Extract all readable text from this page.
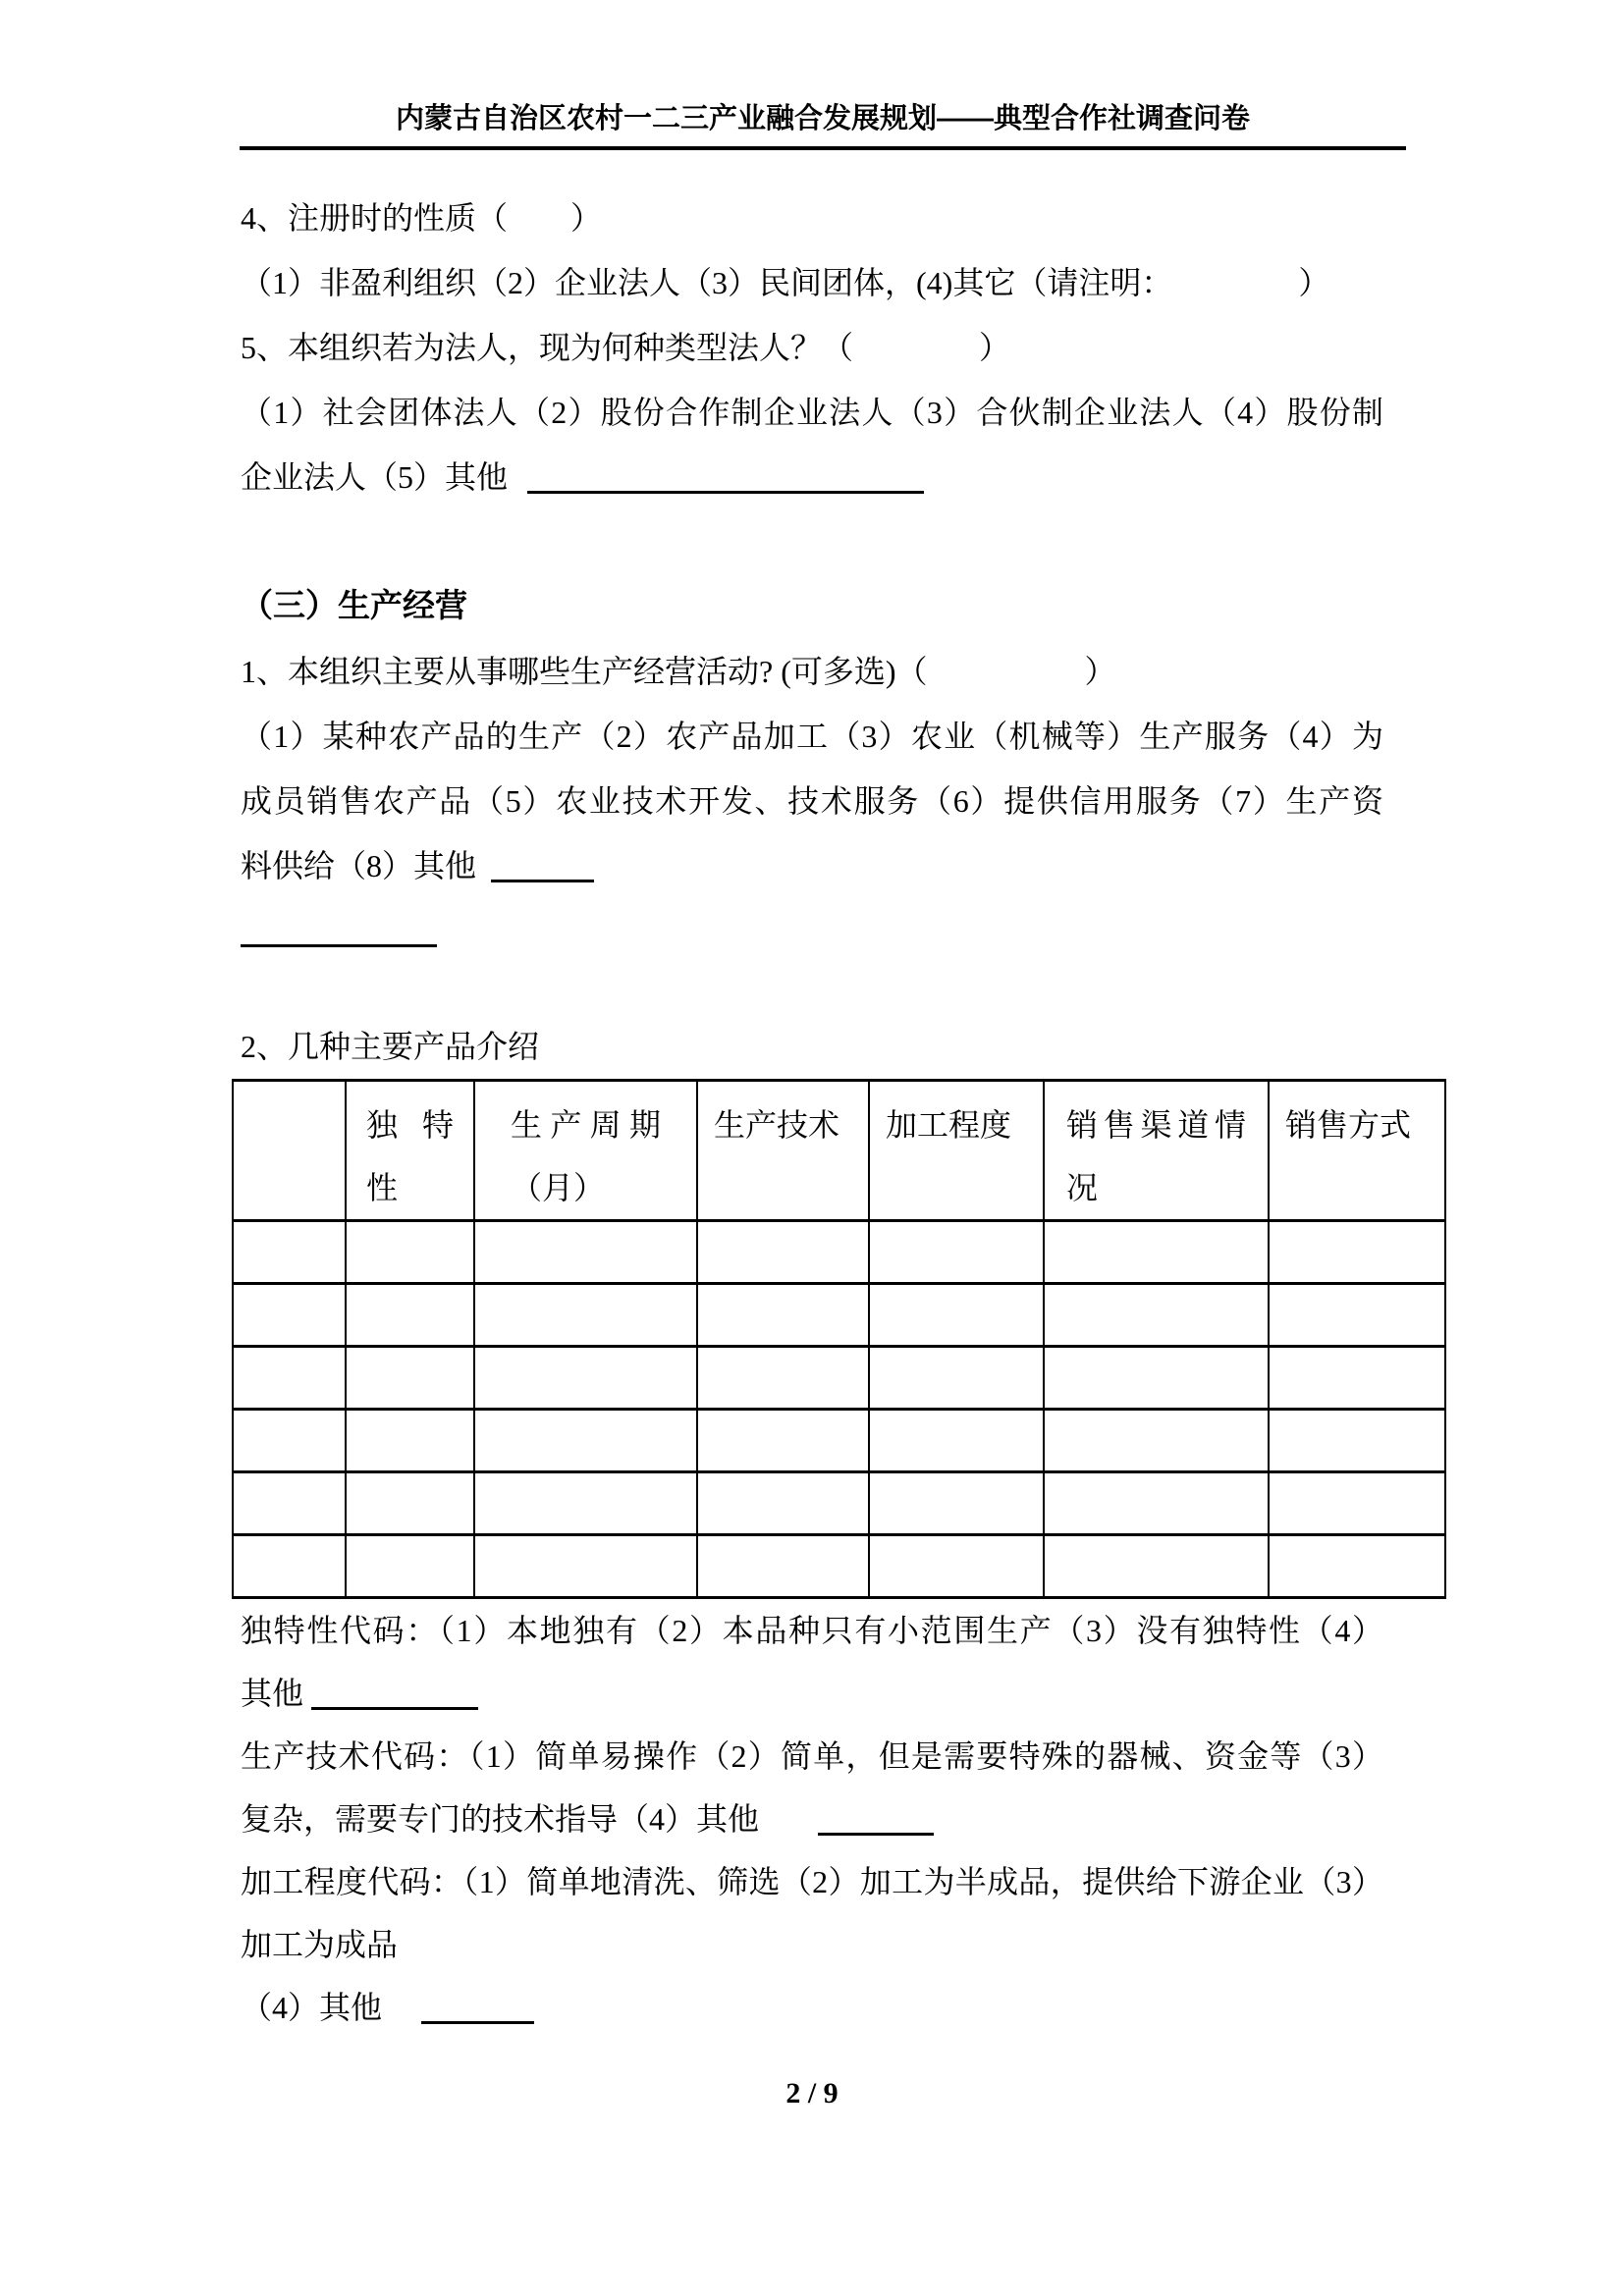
内蒙古自治区农村一二三产业融合发展规划——典型合作社调查问卷
4、注册时的性质（        ）
（1）非盈利组织（2）企业法人（3）民间团体，(4)其它（请注明：                ）
5、本组织若为法人，现为何种类型法人？（                ）
（1）社会团体法人（2）股份合作制企业法人（3）合伙制企业法人（4）股份制
企业法人（5）其他
（三）生产经营
1、本组织主要从事哪些生产经营活动? (可多选)（                    ）
（1）某种农产品的生产（2）农产品加工（3）农业（机械等）生产服务（4）为
成员销售农产品（5）农业技术开发、技术服务（6）提供信用服务（7）生产资
料供给（8）其他
2、几种主要产品介绍
	独特性	生产周期（月）	生产技术	加工程度	销售渠道情况	销售方式

独特性代码：（1）本地独有（2）本品种只有小范围生产（3）没有独特性（4）
其他
生产技术代码：（1）简单易操作（2）简单，但是需要特殊的器械、资金等（3）
复杂，需要专门的技术指导（4）其他
加工程度代码：（1）简单地清洗、筛选（2）加工为半成品，提供给下游企业（3）
加工为成品
（4）其他
2 / 9
